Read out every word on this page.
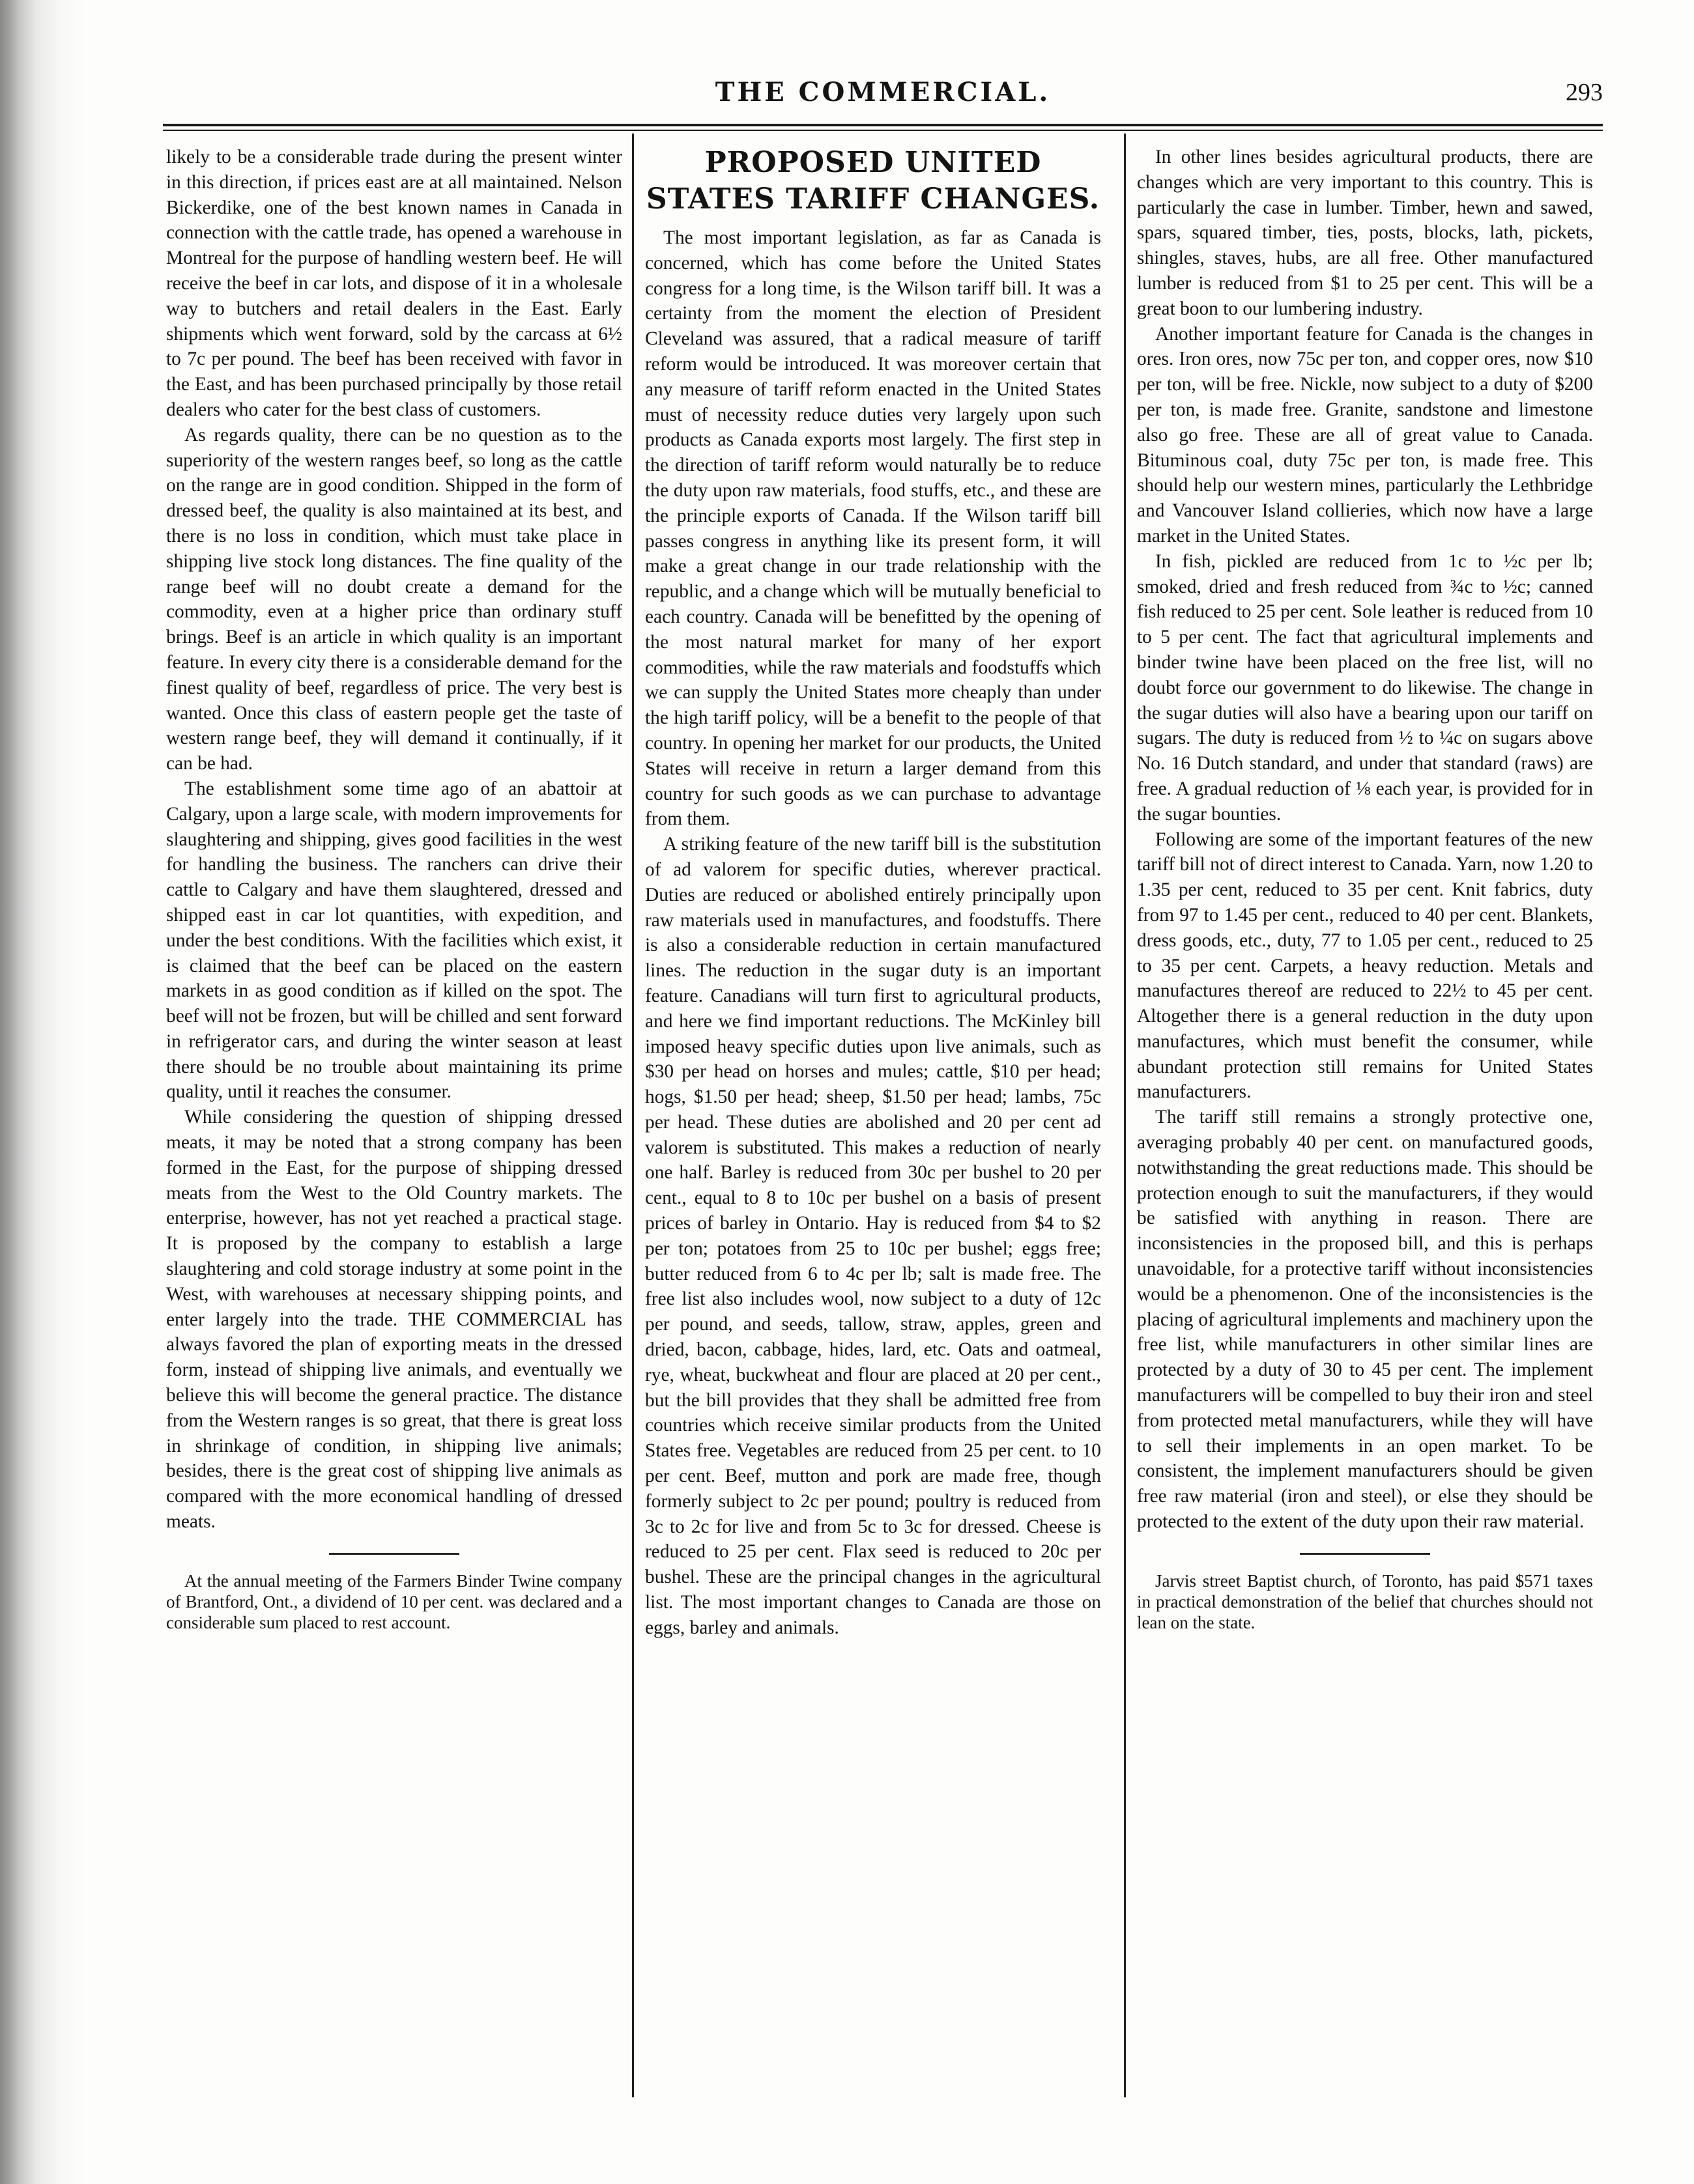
THE COMMERCIAL.	293

likely to be a considerable trade during the present winter in this direction, if prices east are at all maintained. Nelson Bickerdike, one of the best known names in Canada in connection with the cattle trade, has opened a warehouse in Montreal for the purpose of handling western beef. He will receive the beef in car lots, and dispose of it in a wholesale way to butchers and retail dealers in the East. Early shipments which went forward, sold by the carcass at 6½ to 7c per pound. The beef has been received with favor in the East, and has been purchased principally by those retail dealers who cater for the best class of customers.

As regards quality, there can be no question as to the superiority of the western ranges beef, so long as the cattle on the range are in good condition. Shipped in the form of dressed beef, the quality is also maintained at its best, and there is no loss in condition, which must take place in shipping live stock long distances. The fine quality of the range beef will no doubt create a demand for the commodity, even at a higher price than ordinary stuff brings. Beef is an article in which quality is an important feature. In every city there is a considerable demand for the finest quality of beef, regardless of price. The very best is wanted. Once this class of eastern people get the taste of western range beef, they will demand it continually, if it can be had.

The establishment some time ago of an abattoir at Calgary, upon a large scale, with modern improvements for slaughtering and shipping, gives good facilities in the west for handling the business. The ranchers can drive their cattle to Calgary and have them slaughtered, dressed and shipped east in car lot quantities, with expedition, and under the best conditions. With the facilities which exist, it is claimed that the beef can be placed on the eastern markets in as good condition as if killed on the spot. The beef will not be frozen, but will be chilled and sent forward in refrigerator cars, and during the winter season at least there should be no trouble about maintaining its prime quality, until it reaches the consumer.

While considering the question of shipping dressed meats, it may be noted that a strong company has been formed in the East, for the purpose of shipping dressed meats from the West to the Old Country markets. The enterprise, however, has not yet reached a practical stage. It is proposed by the company to establish a large slaughtering and cold storage industry at some point in the West, with warehouses at necessary shipping points, and enter largely into the trade. THE COMMERCIAL has always favored the plan of exporting meats in the dressed form, instead of shipping live animals, and eventually we believe this will become the general practice. The distance from the Western ranges is so great, that there is great loss in shrinkage of condition, in shipping live animals; besides, there is the great cost of shipping live animals as compared with the more economical handling of dressed meats.

At the annual meeting of the Farmers Binder Twine company of Brantford, Ont., a dividend of 10 per cent. was declared and a considerable sum placed to rest account.

PROPOSED UNITED STATES TARIFF CHANGES.

The most important legislation, as far as Canada is concerned, which has come before the United States congress for a long time, is the Wilson tariff bill. It was a certainty from the moment the election of President Cleveland was assured, that a radical measure of tariff reform would be introduced. It was moreover certain that any measure of tariff reform enacted in the United States must of necessity reduce duties very largely upon such products as Canada exports most largely. The first step in the direction of tariff reform would naturally be to reduce the duty upon raw materials, food stuffs, etc., and these are the principle exports of Canada. If the Wilson tariff bill passes congress in anything like its present form, it will make a great change in our trade relationship with the republic, and a change which will be mutually beneficial to each country. Canada will be benefitted by the opening of the most natural market for many of her export commodities, while the raw materials and foodstuffs which we can supply the United States more cheaply than under the high tariff policy, will be a benefit to the people of that country. In opening her market for our products, the United States will receive in return a larger demand from this country for such goods as we can purchase to advantage from them.

A striking feature of the new tariff bill is the substitution of ad valorem for specific duties, wherever practical. Duties are reduced or abolished entirely principally upon raw materials used in manufactures, and foodstuffs. There is also a considerable reduction in certain manufactured lines. The reduction in the sugar duty is an important feature. Canadians will turn first to agricultural products, and here we find important reductions. The McKinley bill imposed heavy specific duties upon live animals, such as $30 per head on horses and mules; cattle, $10 per head; hogs, $1.50 per head; sheep, $1.50 per head; lambs, 75c per head. These duties are abolished and 20 per cent ad valorem is substituted. This makes a reduction of nearly one half. Barley is reduced from 30c per bushel to 20 per cent., equal to 8 to 10c per bushel on a basis of present prices of barley in Ontario. Hay is reduced from $4 to $2 per ton; potatoes from 25 to 10c per bushel; eggs free; butter reduced from 6 to 4c per lb; salt is made free. The free list also includes wool, now subject to a duty of 12c per pound, and seeds, tallow, straw, apples, green and dried, bacon, cabbage, hides, lard, etc. Oats and oatmeal, rye, wheat, buckwheat and flour are placed at 20 per cent., but the bill provides that they shall be admitted free from countries which receive similar products from the United States free. Vegetables are reduced from 25 per cent. to 10 per cent. Beef, mutton and pork are made free, though formerly subject to 2c per pound; poultry is reduced from 3c to 2c for live and from 5c to 3c for dressed. Cheese is reduced to 25 per cent. Flax seed is reduced to 20c per bushel. These are the principal changes in the agricultural list. The most important changes to Canada are those on eggs, barley and animals.

In other lines besides agricultural products, there are changes which are very important to this country. This is particularly the case in lumber. Timber, hewn and sawed, spars, squared timber, ties, posts, blocks, lath, pickets, shingles, staves, hubs, are all free. Other manufactured lumber is reduced from $1 to 25 per cent. This will be a great boon to our lumbering industry.

Another important feature for Canada is the changes in ores. Iron ores, now 75c per ton, and copper ores, now $10 per ton, will be free. Nickle, now subject to a duty of $200 per ton, is made free. Granite, sandstone and limestone also go free. These are all of great value to Canada. Bituminous coal, duty 75c per ton, is made free. This should help our western mines, particularly the Lethbridge and Vancouver Island collieries, which now have a large market in the United States.

In fish, pickled are reduced from 1c to ½c per lb; smoked, dried and fresh reduced from ¾c to ½c; canned fish reduced to 25 per cent. Sole leather is reduced from 10 to 5 per cent. The fact that agricultural implements and binder twine have been placed on the free list, will no doubt force our government to do likewise. The change in the sugar duties will also have a bearing upon our tariff on sugars. The duty is reduced from ½ to ¼c on sugars above No. 16 Dutch standard, and under that standard (raws) are free. A gradual reduction of ⅛ each year, is provided for in the sugar bounties.

Following are some of the important features of the new tariff bill not of direct interest to Canada. Yarn, now 1.20 to 1.35 per cent, reduced to 35 per cent. Knit fabrics, duty from 97 to 1.45 per cent., reduced to 40 per cent. Blankets, dress goods, etc., duty, 77 to 1.05 per cent., reduced to 25 to 35 per cent. Carpets, a heavy reduction. Metals and manufactures thereof are reduced to 22½ to 45 per cent. Altogether there is a general reduction in the duty upon manufactures, which must benefit the consumer, while abundant protection still remains for United States manufacturers.

The tariff still remains a strongly protective one, averaging probably 40 per cent. on manufactured goods, notwithstanding the great reductions made. This should be protection enough to suit the manufacturers, if they would be satisfied with anything in reason. There are inconsistencies in the proposed bill, and this is perhaps unavoidable, for a protective tariff without inconsistencies would be a phenomenon. One of the inconsistencies is the placing of agricultural implements and machinery upon the free list, while manufacturers in other similar lines are protected by a duty of 30 to 45 per cent. The implement manufacturers will be compelled to buy their iron and steel from protected metal manufacturers, while they will have to sell their implements in an open market. To be consistent, the implement manufacturers should be given free raw material (iron and steel), or else they should be protected to the extent of the duty upon their raw material.

Jarvis street Baptist church, of Toronto, has paid $571 taxes in practical demonstration of the belief that churches should not lean on the state.
